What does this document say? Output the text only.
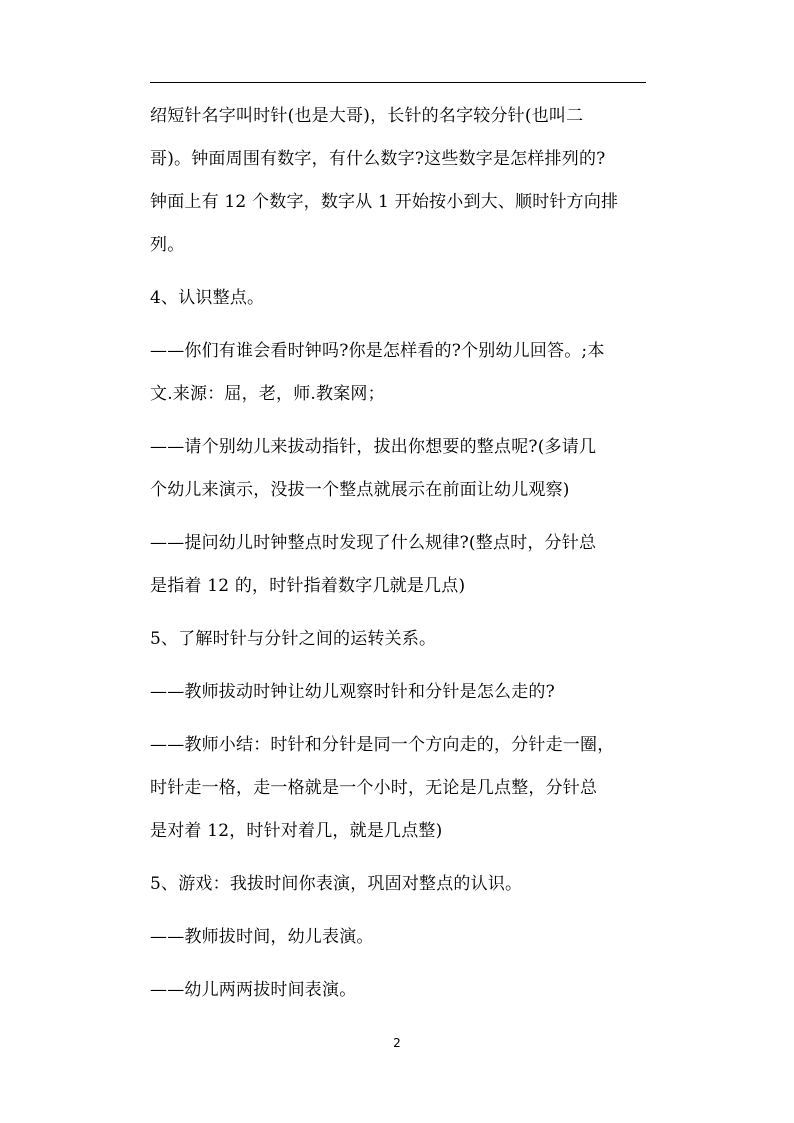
绍短针名字叫时针(也是大哥)，长针的名字较分针(也叫二
哥)。钟面周围有数字，有什么数字?这些数字是怎样排列的?
钟面上有 12 个数字，数字从 1 开始按小到大、顺时针方向排
列。
4、认识整点。
——你们有谁会看时钟吗?你是怎样看的?个别幼儿回答。;本
文.来源：屈，老，师.教案网；
——请个别幼儿来拔动指针，拔出你想要的整点呢?(多请几
个幼儿来演示，没拔一个整点就展示在前面让幼儿观察)
——提问幼儿时钟整点时发现了什么规律?(整点时，分针总
是指着 12 的，时针指着数字几就是几点)
5、了解时针与分针之间的运转关系。
——教师拔动时钟让幼儿观察时针和分针是怎么走的?
——教师小结：时针和分针是同一个方向走的，分针走一圈，
时针走一格，走一格就是一个小时，无论是几点整，分针总
是对着 12，时针对着几，就是几点整)
5、游戏：我拔时间你表演，巩固对整点的认识。
——教师拔时间，幼儿表演。
——幼儿两两拔时间表演。
2
